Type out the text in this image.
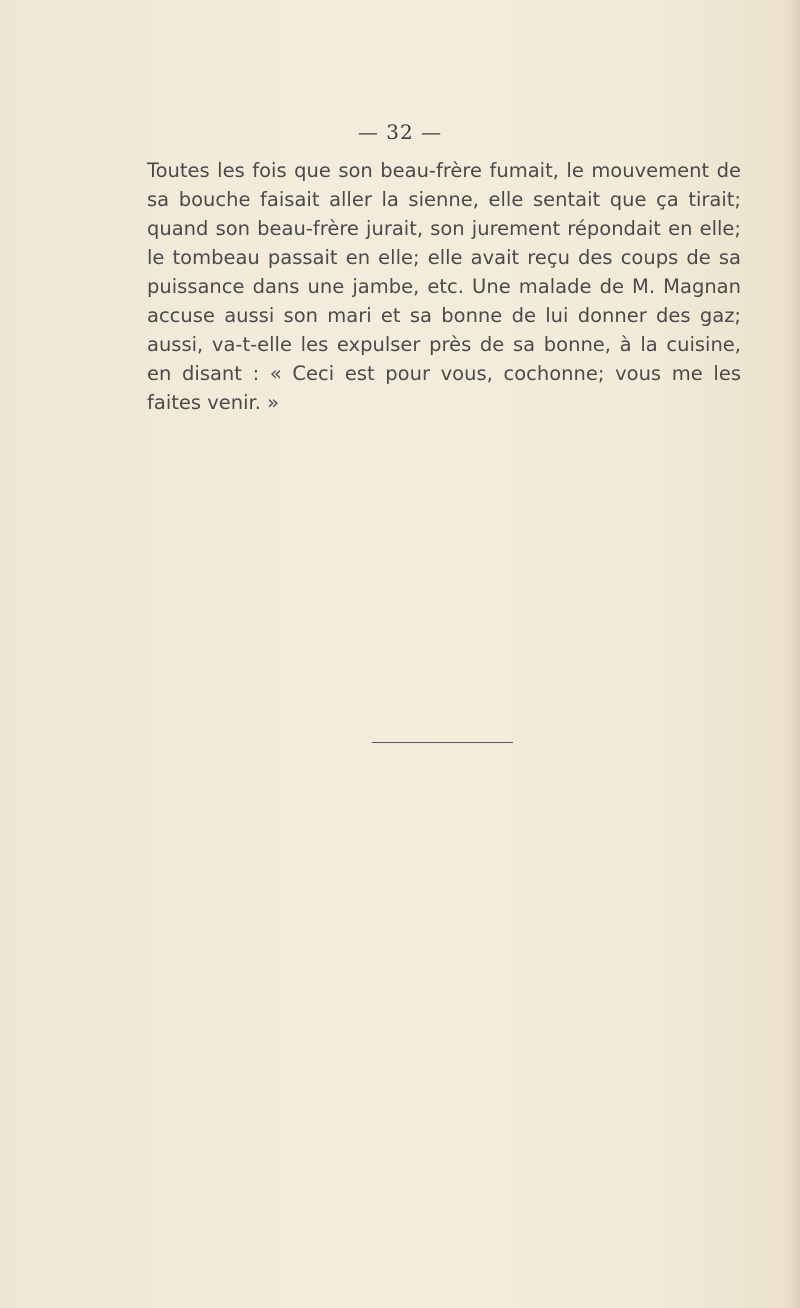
— 32 —
Toutes les fois que son beau-frère fumait, le mouvement de
sa bouche faisait aller la sienne, elle sentait que ça tirait;
quand son beau-frère jurait, son jurement répondait en elle;
le tombeau passait en elle; elle avait reçu des coups de sa
puissance dans une jambe, etc. Une malade de M. Magnan
accuse aussi son mari et sa bonne de lui donner des gaz;
aussi, va-t-elle les expulser près de sa bonne, à la cuisine,
en disant : « Ceci est pour vous, cochonne; vous me les
faites venir. »
